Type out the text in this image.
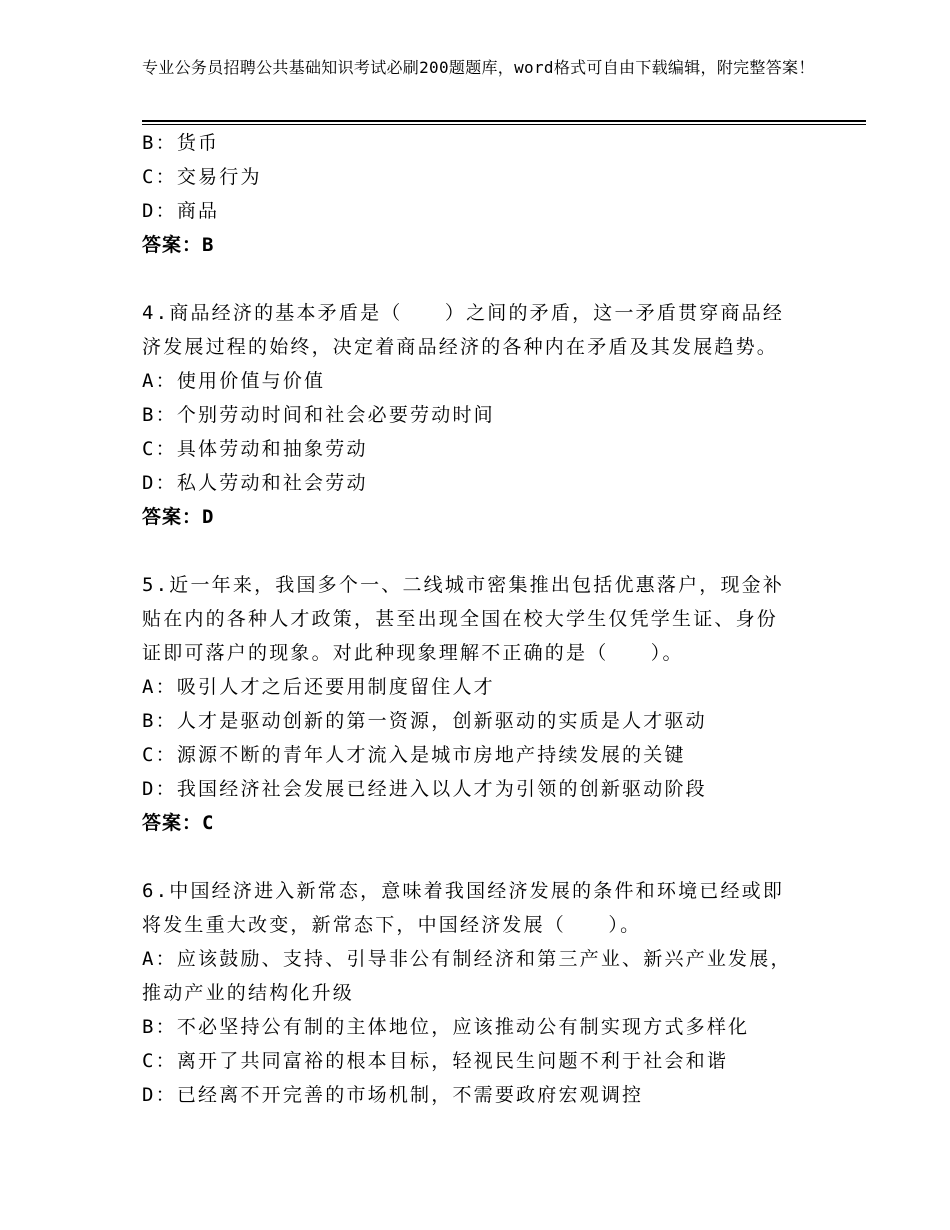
专业公务员招聘公共基础知识考试必刷200题题库，word格式可自由下载编辑，附完整答案！
B：货币
C：交易行为
D：商品
答案：B
4.商品经济的基本矛盾是（　　）之间的矛盾，这一矛盾贯穿商品经
济发展过程的始终，决定着商品经济的各种内在矛盾及其发展趋势。
A：使用价值与价值
B：个别劳动时间和社会必要劳动时间
C：具体劳动和抽象劳动
D：私人劳动和社会劳动
答案：D
5.近一年来，我国多个一、二线城市密集推出包括优惠落户，现金补
贴在内的各种人才政策，甚至出现全国在校大学生仅凭学生证、身份
证即可落户的现象。对此种现象理解不正确的是（　　）。
A：吸引人才之后还要用制度留住人才
B：人才是驱动创新的第一资源，创新驱动的实质是人才驱动
C：源源不断的青年人才流入是城市房地产持续发展的关键
D：我国经济社会发展已经进入以人才为引领的创新驱动阶段
答案：C
6.中国经济进入新常态，意味着我国经济发展的条件和环境已经或即
将发生重大改变，新常态下，中国经济发展（　　）。
A：应该鼓励、支持、引导非公有制经济和第三产业、新兴产业发展，
推动产业的结构化升级
B：不必坚持公有制的主体地位，应该推动公有制实现方式多样化
C：离开了共同富裕的根本目标，轻视民生问题不利于社会和谐
D：已经离不开完善的市场机制，不需要政府宏观调控
